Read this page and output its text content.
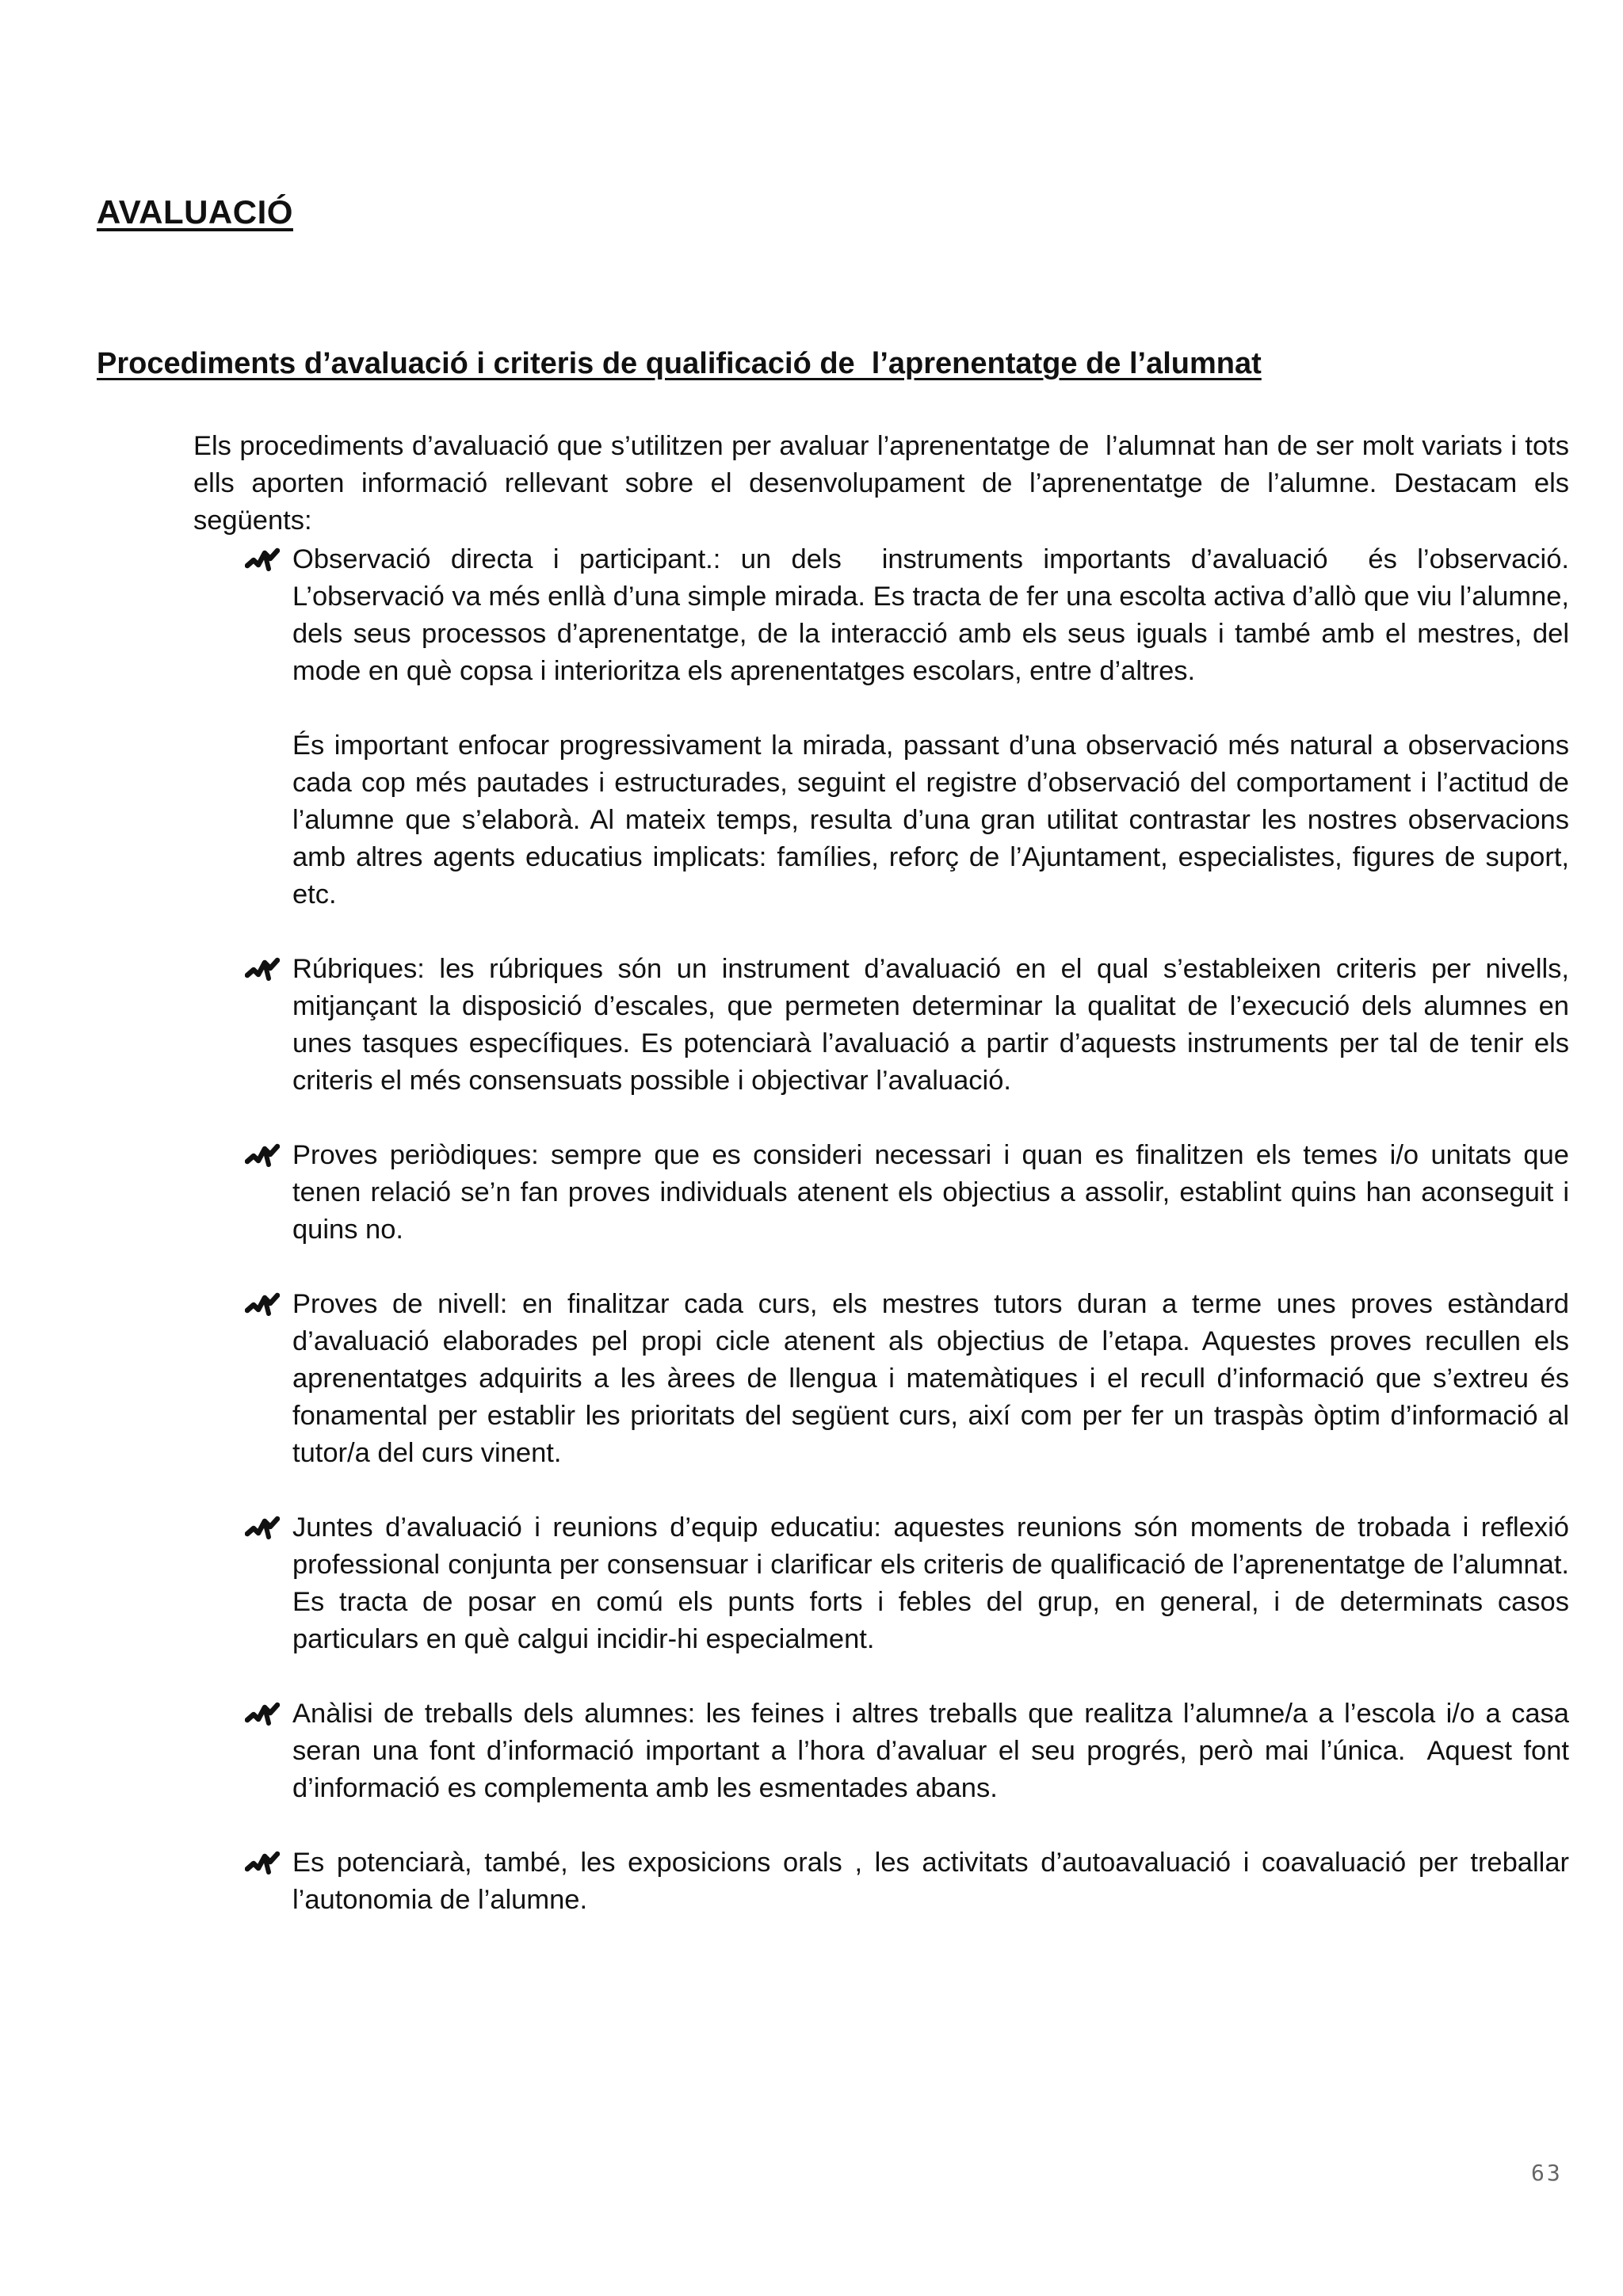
AVALUACIÓ
Procediments d’avaluació i criteris de qualificació de  l’aprenentatge de l’alumnat

Els procediments d’avaluació que s’utilitzen per avaluar l’aprenentatge de  l’alumnat han de ser molt variats i tots ells aporten informació rellevant sobre el desenvolupament de l’aprenentatge de l’alumne. Destacam els següents:

Observació directa i participant.: un dels  instruments importants d’avaluació  és l’observació. L’observació va més enllà d’una simple mirada. Es tracta de fer una escolta activa d’allò que viu l’alumne, dels seus processos d’aprenentatge, de la interacció amb els seus iguals i també amb el mestres, del mode en què copsa i interioritza els aprenentatges escolars, entre d’altres.

És important enfocar progressivament la mirada, passant d’una observació més natural a observacions cada cop més pautades i estructurades, seguint el registre d’observació del comportament i l’actitud de l’alumne que s’elaborà. Al mateix temps, resulta d’una gran utilitat contrastar les nostres observacions amb altres agents educatius implicats: famílies, reforç de l’Ajuntament, especialistes, figures de suport, etc.

Rúbriques: les rúbriques són un instrument d’avaluació en el qual s’estableixen criteris per nivells, mitjançant la disposició d’escales, que permeten determinar la qualitat de l’execució dels alumnes en unes tasques específiques. Es potenciarà l’avaluació a partir d’aquests instruments per tal de tenir els criteris el més consensuats possible i objectivar l’avaluació.

Proves periòdiques: sempre que es consideri necessari i quan es finalitzen els temes i/o unitats que tenen relació se’n fan proves individuals atenent els objectius a assolir, establint quins han aconseguit i quins no.

Proves de nivell: en finalitzar cada curs, els mestres tutors duran a terme unes proves estàndard d’avaluació elaborades pel propi cicle atenent als objectius de l’etapa. Aquestes proves recullen els aprenentatges adquirits a les àrees de llengua i matemàtiques i el recull d’informació que s’extreu és fonamental per establir les prioritats del següent curs, així com per fer un traspàs òptim d’informació al tutor/a del curs vinent.

Juntes d’avaluació i reunions d’equip educatiu: aquestes reunions són moments de trobada i reflexió professional conjunta per consensuar i clarificar els criteris de qualificació de l’aprenentatge de l’alumnat. Es tracta de posar en comú els punts forts i febles del grup, en general, i de determinats casos particulars en què calgui incidir-hi especialment.

Anàlisi de treballs dels alumnes: les feines i altres treballs que realitza l’alumne/a a l’escola i/o a casa seran una font d’informació important a l’hora d’avaluar el seu progrés, però mai l’única.  Aquest font d’informació es complementa amb les esmentades abans.

Es potenciarà, també, les exposicions orals , les activitats d’autoavaluació i coavaluació per treballar l’autonomia de l’alumne.

63
